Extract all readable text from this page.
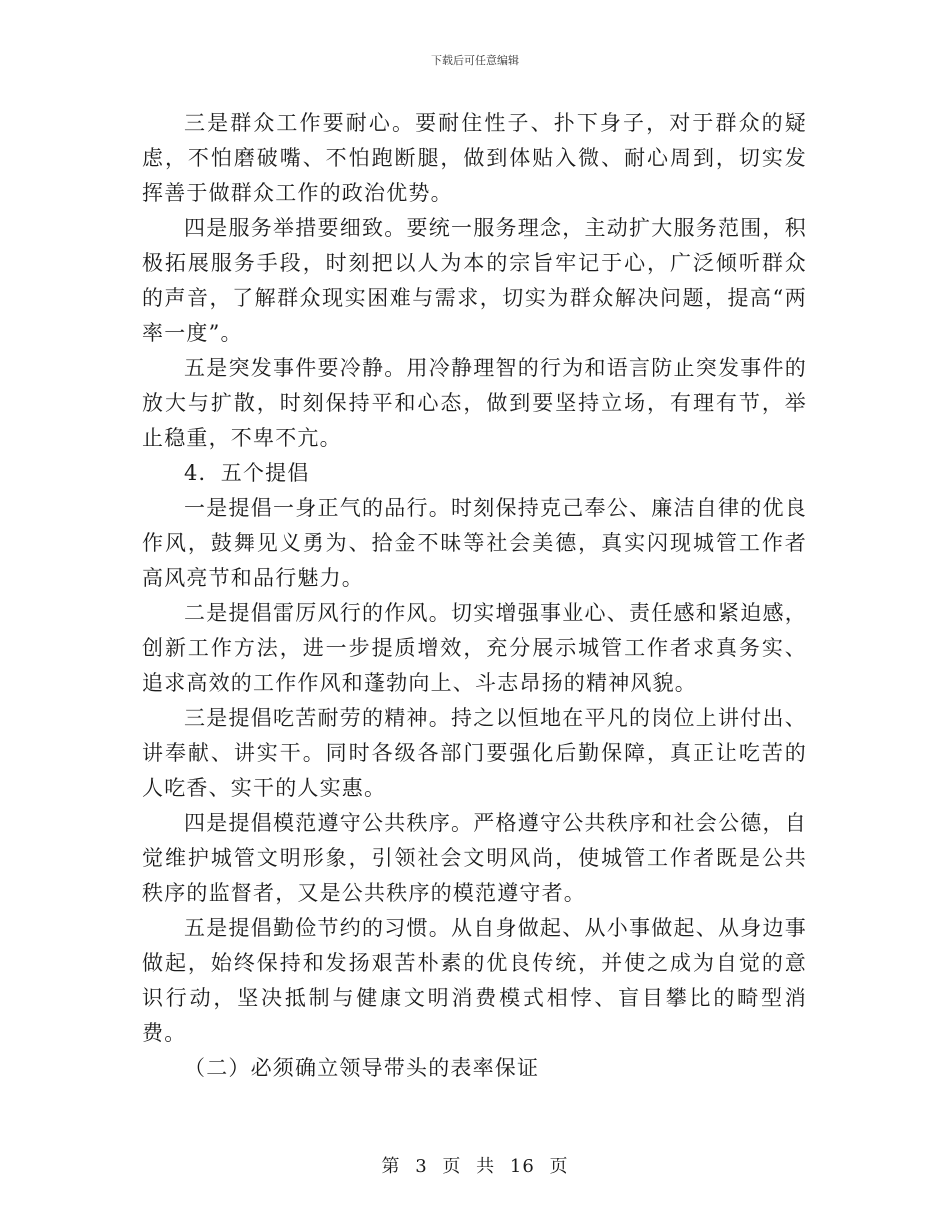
下载后可任意编辑

三是群众工作要耐心。要耐住性子、扑下身子，对于群众的疑虑，不怕磨破嘴、不怕跑断腿，做到体贴入微、耐心周到，切实发挥善于做群众工作的政治优势。

四是服务举措要细致。要统一服务理念，主动扩大服务范围，积极拓展服务手段，时刻把以人为本的宗旨牢记于心，广泛倾听群众的声音，了解群众现实困难与需求，切实为群众解决问题，提高“两率一度”。

五是突发事件要冷静。用冷静理智的行为和语言防止突发事件的放大与扩散，时刻保持平和心态，做到要坚持立场，有理有节，举止稳重，不卑不亢。

4．五个提倡

一是提倡一身正气的品行。时刻保持克己奉公、廉洁自律的优良作风，鼓舞见义勇为、拾金不昧等社会美德，真实闪现城管工作者高风亮节和品行魅力。

二是提倡雷厉风行的作风。切实增强事业心、责任感和紧迫感，创新工作方法，进一步提质增效，充分展示城管工作者求真务实、追求高效的工作作风和蓬勃向上、斗志昂扬的精神风貌。

三是提倡吃苦耐劳的精神。持之以恒地在平凡的岗位上讲付出、讲奉献、讲实干。同时各级各部门要强化后勤保障，真正让吃苦的人吃香、实干的人实惠。

四是提倡模范遵守公共秩序。严格遵守公共秩序和社会公德，自觉维护城管文明形象，引领社会文明风尚，使城管工作者既是公共秩序的监督者，又是公共秩序的模范遵守者。

五是提倡勤俭节约的习惯。从自身做起、从小事做起、从身边事做起，始终保持和发扬艰苦朴素的优良传统，并使之成为自觉的意识行动，坚决抵制与健康文明消费模式相悖、盲目攀比的畸型消费。

（二）必须确立领导带头的表率保证

第 3 页 共 16 页
